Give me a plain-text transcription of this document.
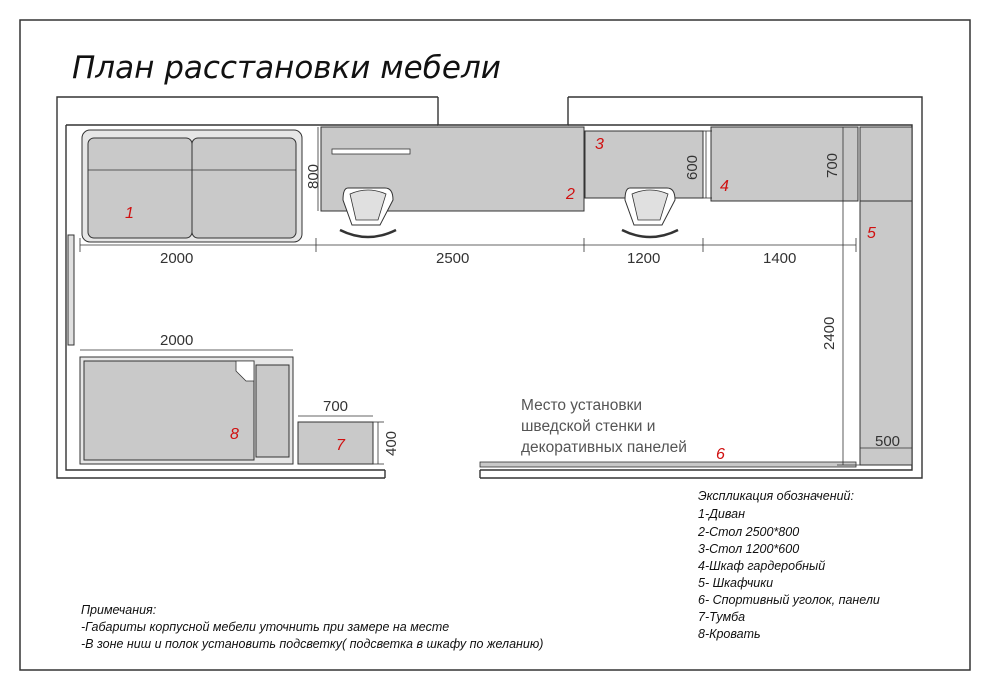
План расстановки мебели
1
2
3
4
5
8
7
6
Место установки
шведской стенки и
декоративных панелей
2000	2500	1200	1400
800	600	700
2400
500
2000
700
400
Экспликация обозначений:
1-Диван
2-Стол 2500*800
3-Стол 1200*600
4-Шкаф гардеробный
5- Шкафчики
6- Спортивный уголок, панели
7-Тумба
8-Кровать
Примечания:
-Габариты корпусной мебели уточнить при замере на месте
-В зоне ниш и полок установить подсветку( подсветка в шкафу по желанию)
